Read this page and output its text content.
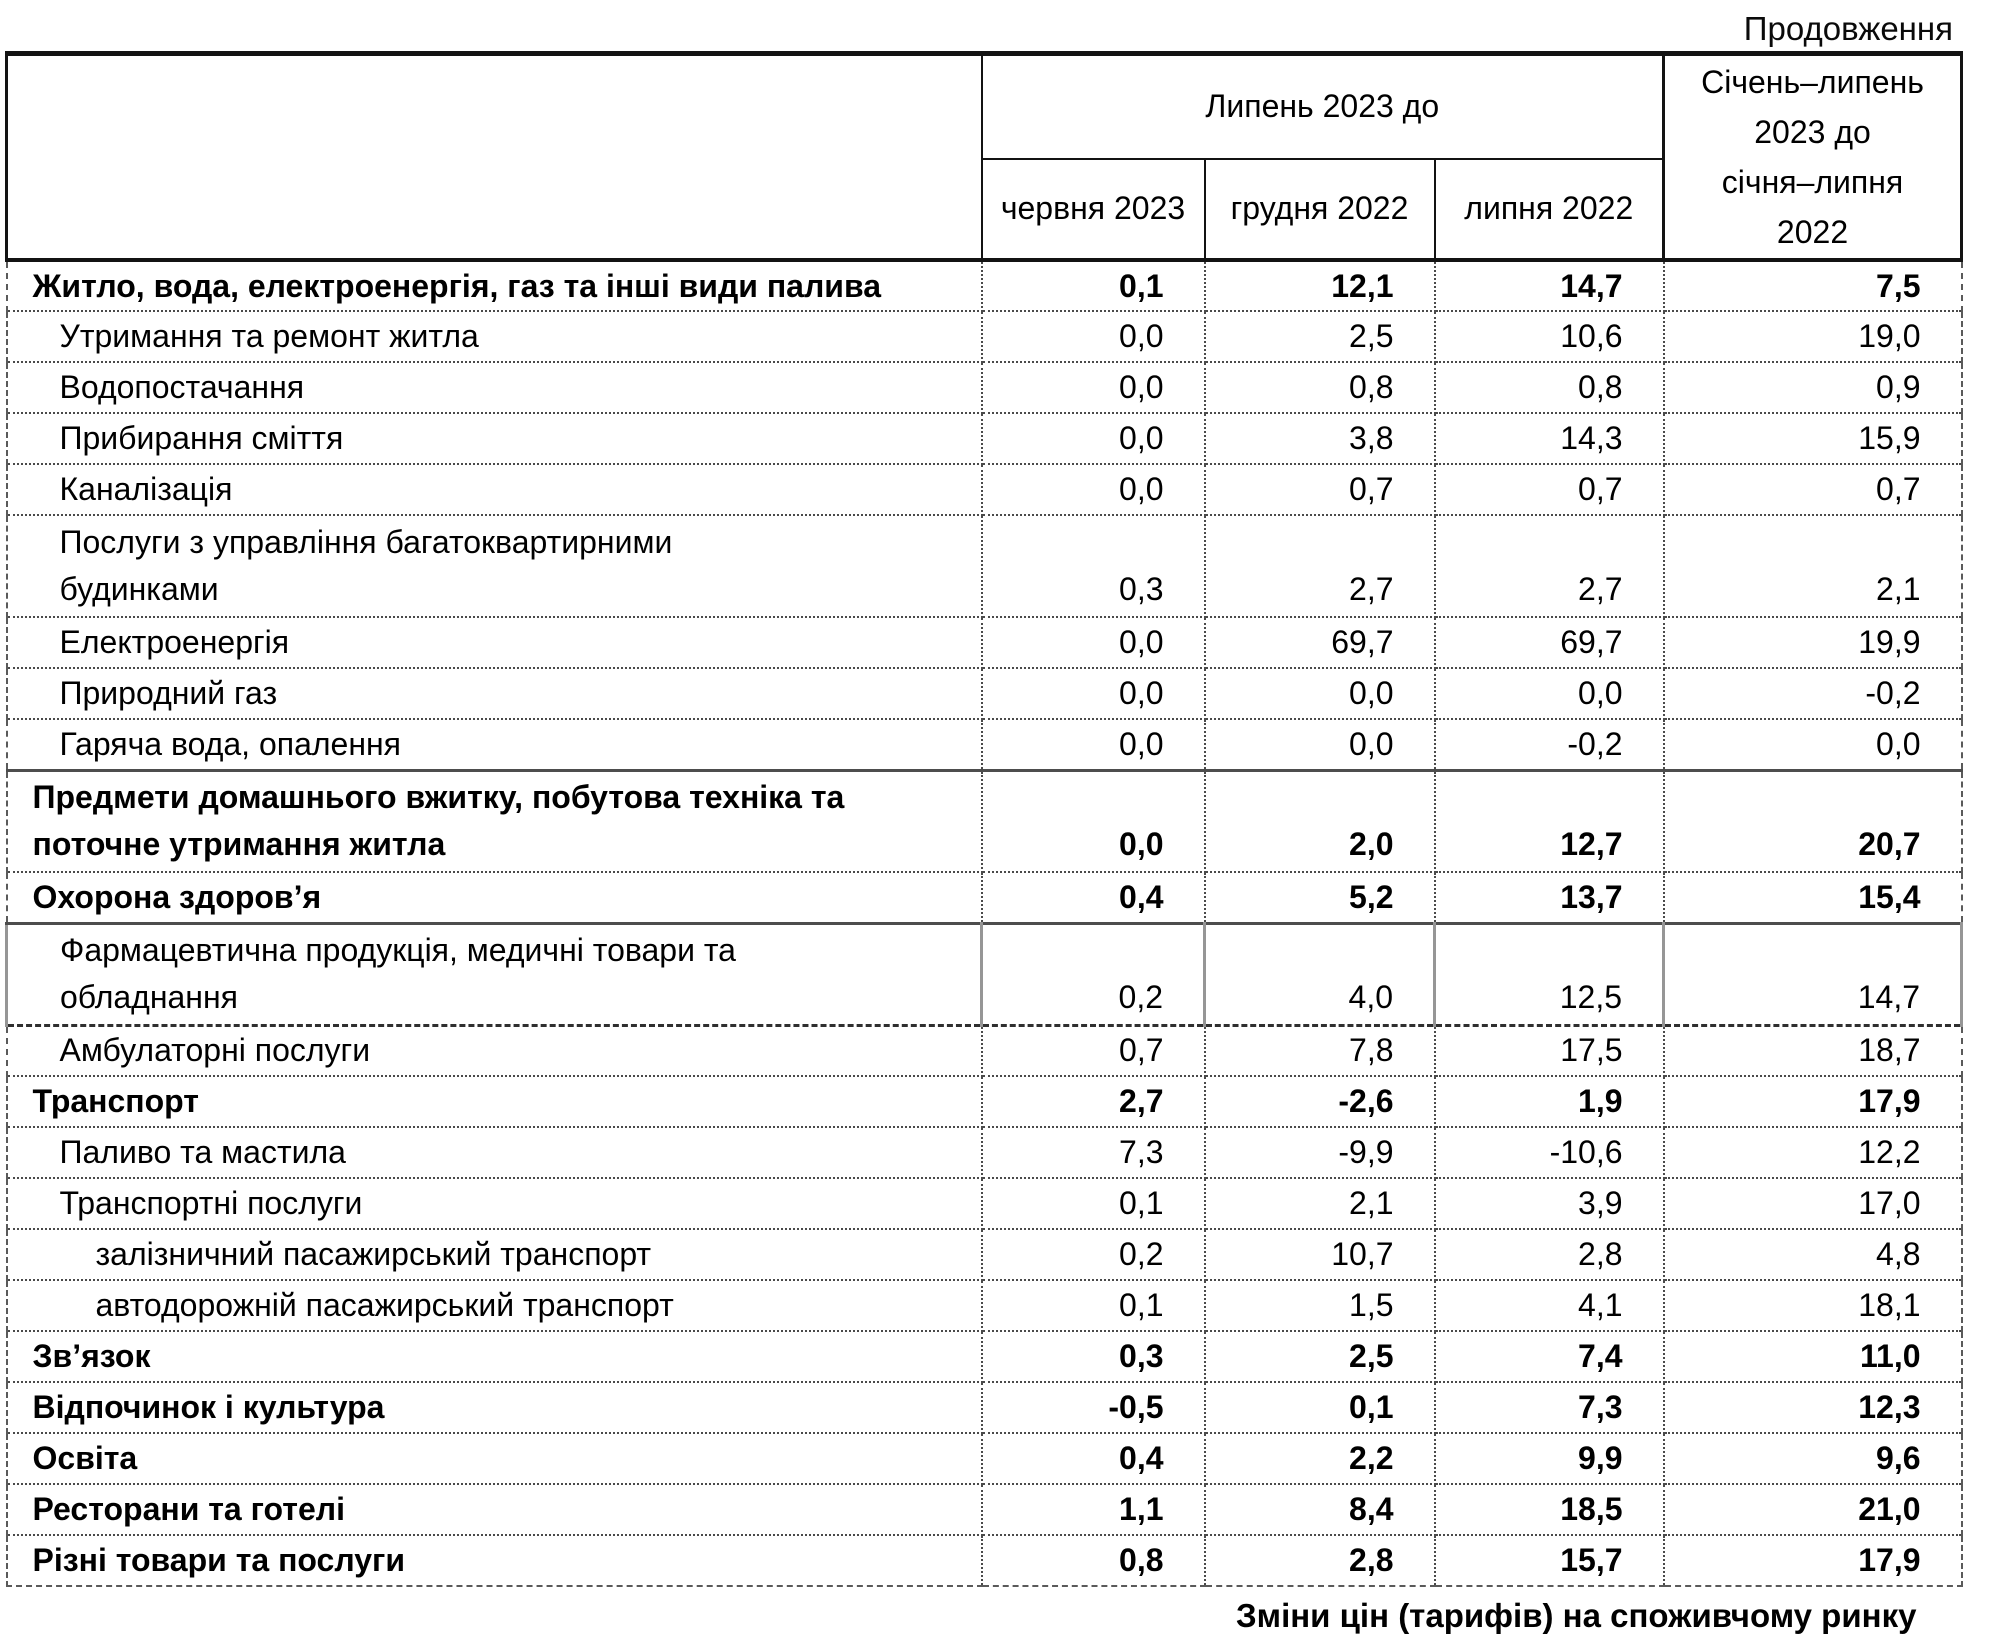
Продовження
	Липень 2023 до			Січень–липень
2023 до
січня–липня
2022

	червня 2023	грудня 2022	липня 2022	
Житло, вода, електроенергія, газ та інші види палива	0,1	12,1	14,7	7,5
Утримання та ремонт житла	0,0	2,5	10,6	19,0
Водопостачання	0,0	0,8	0,8	0,9
Прибирання сміття	0,0	3,8	14,3	15,9
Каналізація	0,0	0,7	0,7	0,7

Послуги з управління багатоквартирними
будинками	0,3	2,7	2,7	2,1
Електроенергія	0,0	69,7	69,7	19,9
Природний газ	0,0	0,0	0,0	-0,2
Гаряча вода, опалення	0,0	0,0	-0,2	0,0

Предмети домашнього вжитку, побутова техніка та
поточне утримання житла	0,0	2,0	12,7	20,7
Охорона здоров’я	0,4	5,2	13,7	15,4

Фармацевтична продукція, медичні товари та
обладнання	0,2	4,0	12,5	14,7
Амбулаторні послуги	0,7	7,8	17,5	18,7
Транспорт	2,7	-2,6	1,9	17,9
Паливо та мастила	7,3	-9,9	-10,6	12,2
Транспортні послуги	0,1	2,1	3,9	17,0
залізничний пасажирський транспорт	0,2	10,7	2,8	4,8
автодорожній пасажирський транспорт	0,1	1,5	4,1	18,1
Зв’язок	0,3	2,5	7,4	11,0
Відпочинок і культура	-0,5	0,1	7,3	12,3
Освіта	0,4	2,2	9,9	9,6
Ресторани та готелі	1,1	8,4	18,5	21,0
Різні товари та послуги	0,8	2,8	15,7	17,9
Зміни цін (тарифів) на споживчому ринку
